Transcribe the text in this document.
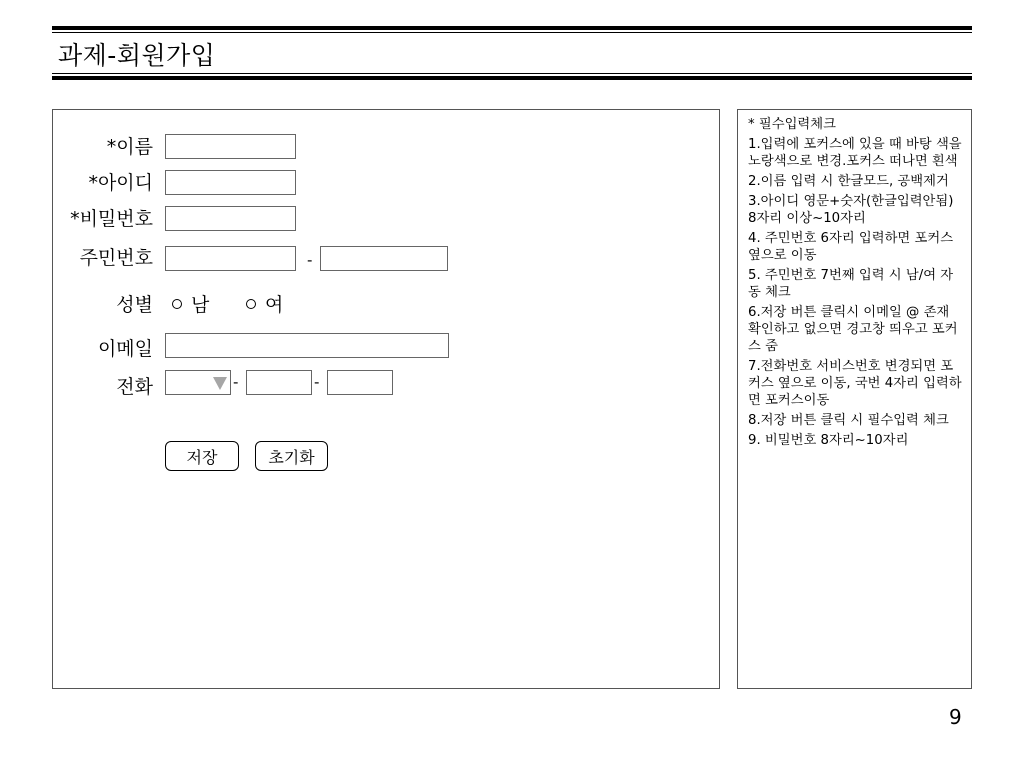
과제-회원가입
*이름
*아이디
*비밀번호
주민번호	-
성별	남	여
이메일
전화	-	-
저장	초기화
* 필수입력체크
1.입력에 포커스에 있을 때 바탕 색을 노랑색으로 변경.포커스 떠나면 흰색
2.이름 입력 시 한글모드, 공백제거
3.아이디 영문+숫자(한글입력안됨) 8자리 이상~10자리
4. 주민번호 6자리 입력하면 포커스 옆으로 이동
5. 주민번호 7번째 입력 시 남/여 자동 체크
6.저장 버튼 클릭시 이메일 @ 존재 확인하고 없으면 경고창 띄우고 포커스 줌
7.전화번호 서비스번호 변경되면 포커스 옆으로 이동, 국번 4자리 입력하면 포커스이동
8.저장 버튼 클릭 시 필수입력 체크
9. 비밀번호 8자리~10자리
9
